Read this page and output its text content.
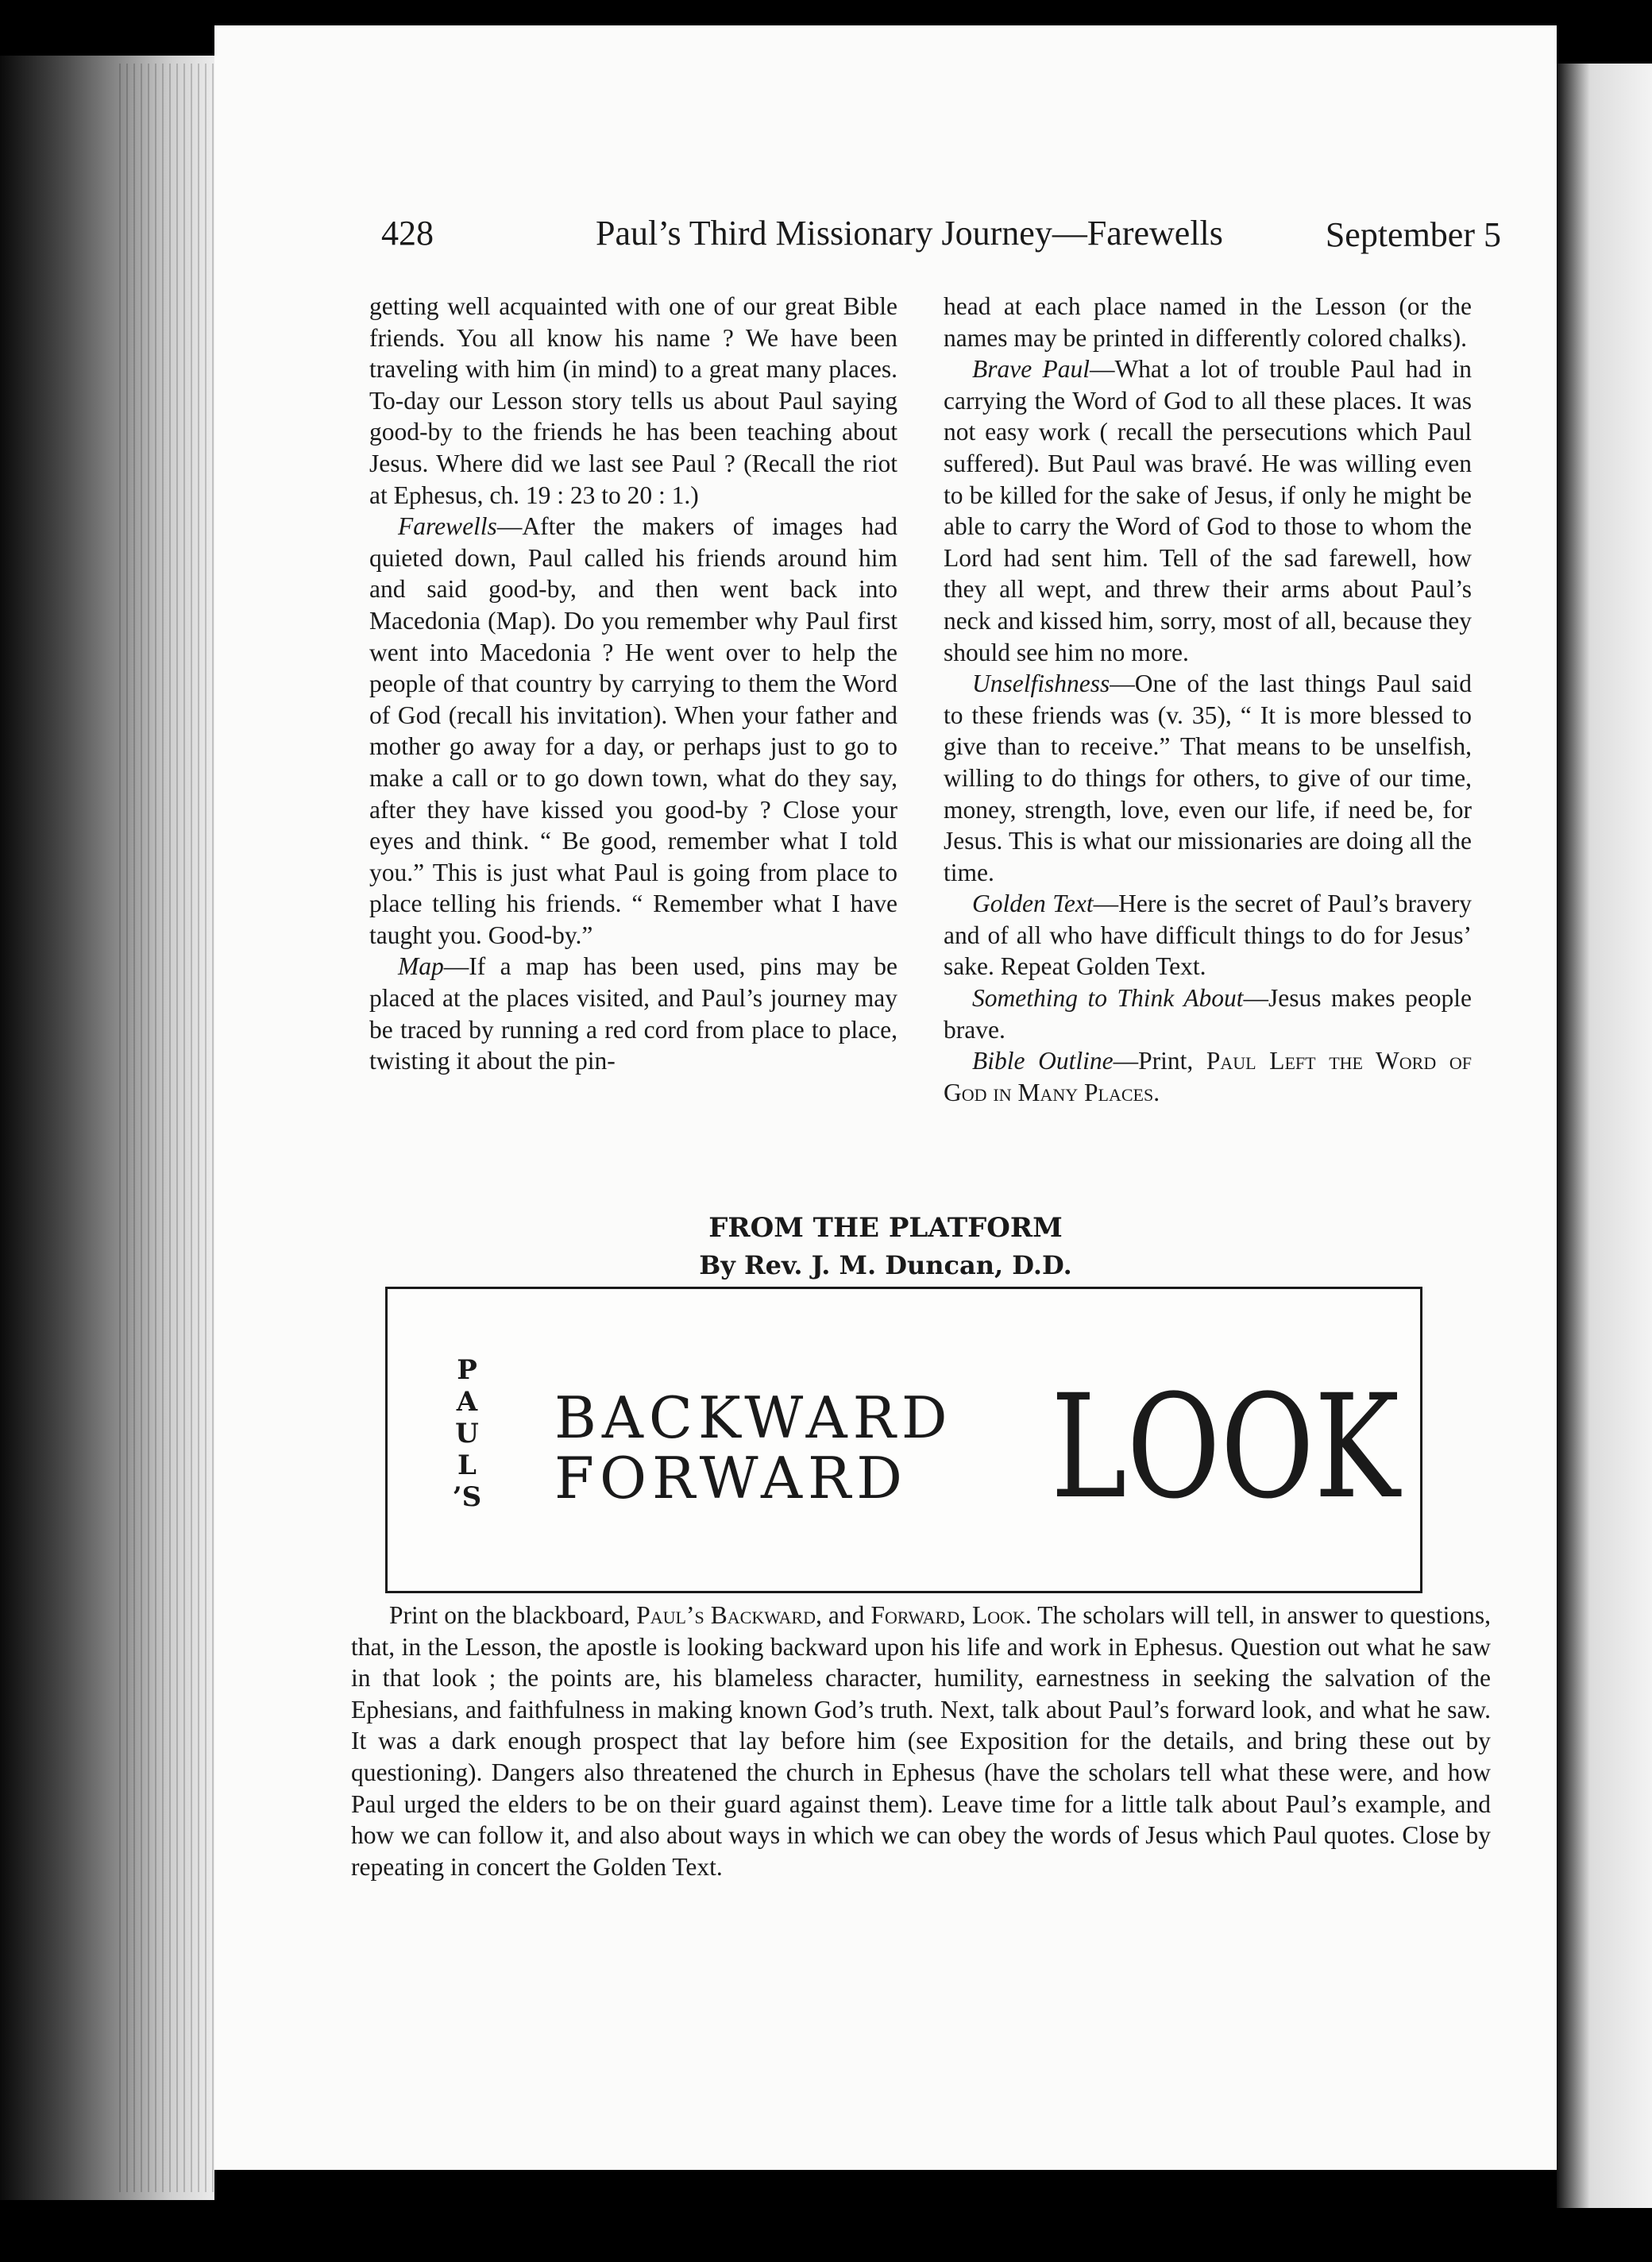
428	Paul’s Third Missionary Journey—Farewells	September 5

getting well acquainted with one of our great Bible friends. You all know his name ? We have been traveling with him (in mind) to a great many places. To-day our Lesson story tells us about Paul saying good-by to the friends he has been teaching about Jesus. Where did we last see Paul ? (Recall the riot at Ephesus, ch. 19 : 23 to 20 : 1.)

Farewells—After the makers of images had quieted down, Paul called his friends around him and said good-by, and then went back into Macedonia (Map). Do you remember why Paul first went into Macedonia ? He went over to help the people of that country by carrying to them the Word of God (recall his invitation). When your father and mother go away for a day, or perhaps just to go to make a call or to go down town, what do they say, after they have kissed you good-by ? Close your eyes and think. “ Be good, remember what I told you.” This is just what Paul is going from place to place telling his friends. “ Remember what I have taught you. Good-by.”

Map—If a map has been used, pins may be placed at the places visited, and Paul’s journey may be traced by running a red cord from place to place, twisting it about the pin-

head at each place named in the Lesson (or the names may be printed in differently colored chalks).

Brave Paul—What a lot of trouble Paul had in carrying the Word of God to all these places. It was not easy work ( recall the persecutions which Paul suffered). But Paul was bravé. He was willing even to be killed for the sake of Jesus, if only he might be able to carry the Word of God to those to whom the Lord had sent him. Tell of the sad farewell, how they all wept, and threw their arms about Paul’s neck and kissed him, sorry, most of all, because they should see him no more.

Unselfishness—One of the last things Paul said to these friends was (v. 35), “ It is more blessed to give than to receive.” That means to be unselfish, willing to do things for others, to give of our time, money, strength, love, even our life, if need be, for Jesus. This is what our missionaries are doing all the time.

Golden Text—Here is the secret of Paul’s bravery and of all who have difficult things to do for Jesus’ sake. Repeat Golden Text.

Something to Think About—Jesus makes people brave.

Bible Outline—Print, Paul Left the Word of God in Many Places.

FROM THE PLATFORM
By Rev. J. M. Duncan, D.D.
P
A
U
L
’S
BACKWARD
FORWARD LOOK

Print on the blackboard, Paul’s Backward, and Forward, Look. The scholars will tell, in answer to questions, that, in the Lesson, the apostle is looking backward upon his life and work in Ephesus. Question out what he saw in that look ; the points are, his blameless character, humility, earnestness in seeking the salvation of the Ephesians, and faithfulness in making known God’s truth. Next, talk about Paul’s forward look, and what he saw. It was a dark enough prospect that lay before him (see Exposition for the details, and bring these out by questioning). Dangers also threatened the church in Ephesus (have the scholars tell what these were, and how Paul urged the elders to be on their guard against them). Leave time for a little talk about Paul’s example, and how we can follow it, and also about ways in which we can obey the words of Jesus which Paul quotes. Close by repeating in concert the Golden Text.
